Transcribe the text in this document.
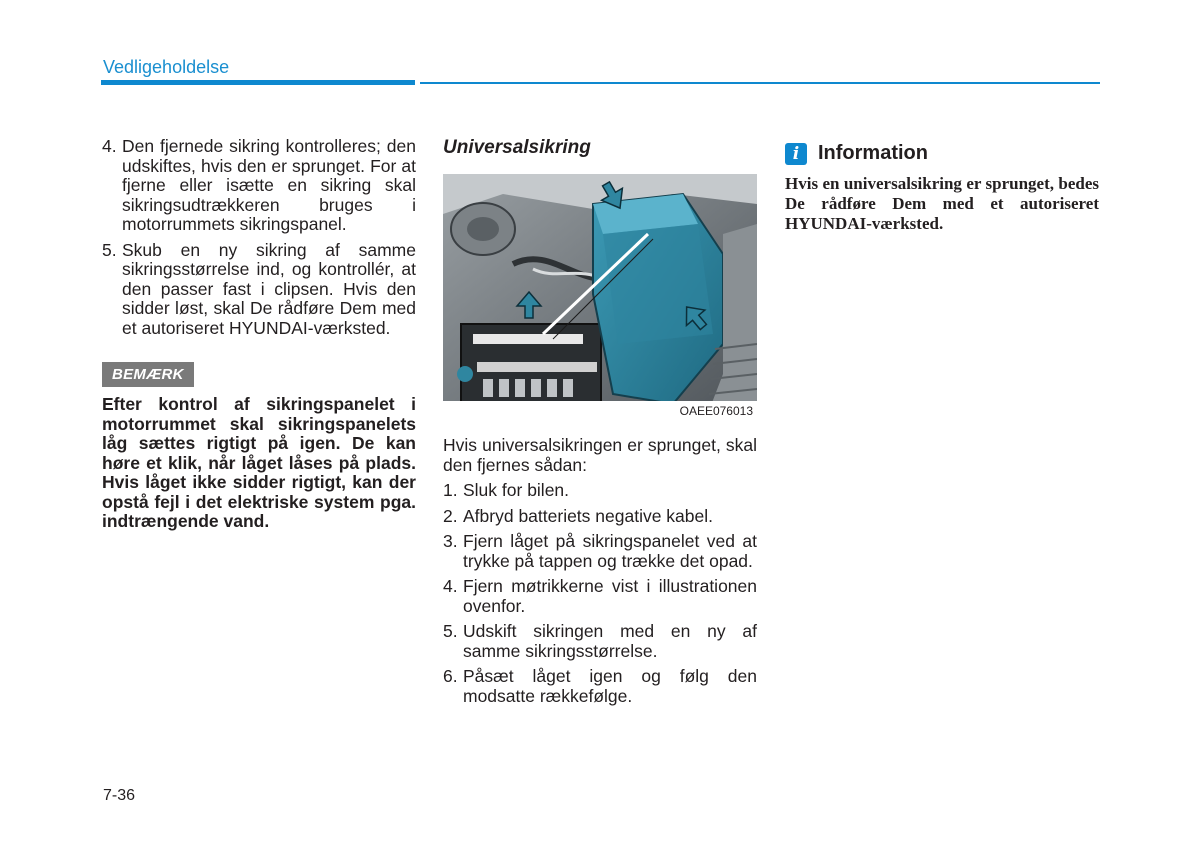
Vedligeholdelse
4. Den fjernede sikring kontrolleres; den udskiftes, hvis den er sprunget. For at fjerne eller isætte en sikring skal sikringsudtrækkeren bruges i motorrummets sikringspanel.
5. Skub en ny sikring af samme sikringsstørrelse ind, og kontrollér, at den passer fast i clipsen. Hvis den sidder løst, skal De rådføre Dem med et autoriseret HYUNDAI-værksted.
BEMÆRK
Efter kontrol af sikringspanelet i motorrummet skal sikringspanelets låg sættes rigtigt på igen. De kan høre et klik, når låget låses på plads. Hvis låget ikke sidder rigtigt, kan der opstå fejl i det elektriske system pga. indtrængende vand.
Universalsikring
OAEE076013
Hvis universalsikringen er sprunget, skal den fjernes sådan:
1. Sluk for bilen.
2. Afbryd batteriets negative kabel.
3. Fjern låget på sikringspanelet ved at trykke på tappen og trække det opad.
4. Fjern møtrikkerne vist i illustrationen ovenfor.
5. Udskift sikringen med en ny af samme sikringsstørrelse.
6. Påsæt låget igen og følg den modsatte rækkefølge.
i Information
Hvis en universalsikring er sprunget, bedes De rådføre Dem med et autoriseret HYUNDAI-værksted.
7-36
